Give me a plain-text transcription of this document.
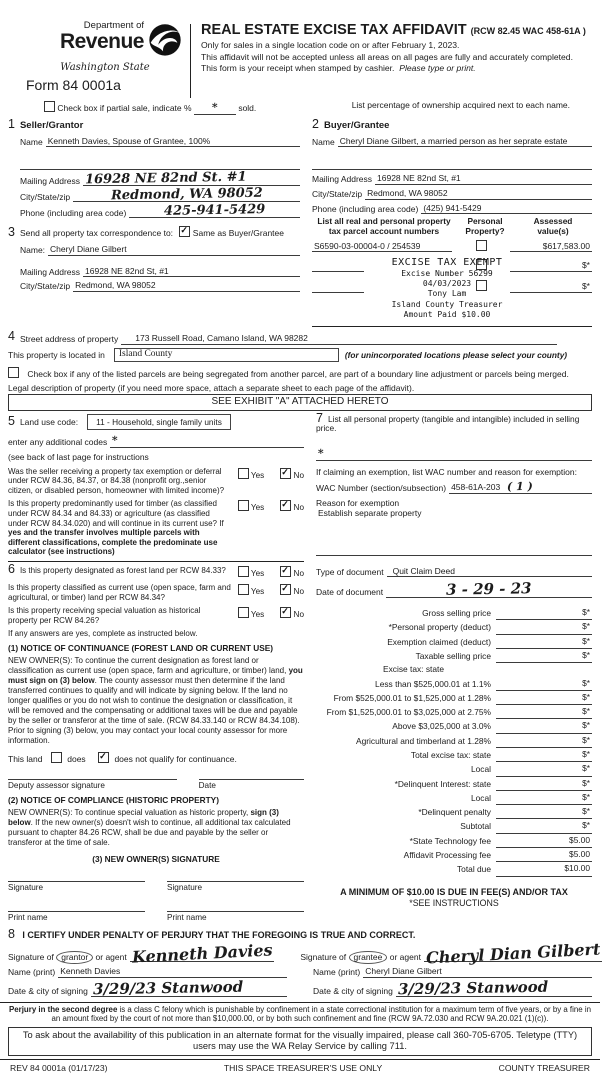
Department of
Revenue
Washington State
Form 84 0001a
REAL ESTATE EXCISE TAX AFFIDAVIT (RCW 82.45 WAC 458-61A )
Only for sales in a single location code on or after February 1, 2023.
This affidavit will not be accepted unless all areas on all pages are fully and accurately completed.
This form is your receipt when stamped by cashier. Please type or print.
Check box if partial sale, indicate % * sold.	List percentage of ownership acquired next to each name.
1 Seller/Grantor
Name Kenneth Davies, Spouse of Grantee, 100%
Mailing Address 16928 NE 82nd St. #1
City/State/zip	Redmond, WA 98052
Phone (including area code)	425-941-5429
3 Send all property tax correspondence to: ✓ Same as Buyer/Grantee
Name: Cheryl Diane Gilbert
Mailing Address 16928 NE 82nd St, #1
City/State/zip Redmond, WA 98052
2 Buyer/Grantee
Name Cheryl Diane Gilbert, a married person as her seprate estate
Mailing Address 16928 NE 82nd St, #1
City/State/zip Redmond, WA 98052
Phone (including area code) (425) 941-5429
List all real and personal property tax parcel account numbers
Personal
Property?
Assessed
value(s)
S6590-03-00004-0 / 254539	$617,583.00
$*
$*
EXCISE TAX EXEMPT
Excise Number 56299
04/03/2023
Tony Lam
Island County Treasurer
Amount Paid $10.00
4 Street address of property	173 Russell Road, Camano Island, WA 98282
This property is located in	Island County	(for unincorporated locations please select your county)
Check box if any of the listed parcels are being segregated from another parcel, are part of a boundary line adjustment or parcels being merged.
Legal description of property (if you need more space, attach a separate sheet to each page of the affidavit).
SEE EXHIBIT "A" ATTACHED HERETO
5 Land use code:	11 - Household, single family units
enter any additional codes *
(see back of last page for instructions
Was the seller receiving a property tax exemption or deferral under RCW 84.36, 84.37, or 84.38 (nonprofit org.,senior citizen, or disabled person, homeowner with limited income)?
Yes ✓	No
Is this property predominantly used for timber (as classified under RCW 84.34 and 84.33) or agriculture (as classified under RCW 84.34.020) and will continue in its current use? If yes and the transfer involves multiple parcels with different classifications, complete the predominate use calculator (see instructions)
Yes ✓	No
6 Is this property designated as forest land per RCW 84.33?	Yes ✓	No
Is this property classified as current use (open space, farm and agricultural, or timber) land per RCW 84.34?
Yes ✓	No
Is this property receiving special valuation as historical property per RCW 84.26?
Yes ✓	No
If any answers are yes, complete as instructed below.
(1) NOTICE OF CONTINUANCE (FOREST LAND OR CURRENT USE)
NEW OWNER(S): To continue the current designation as forest land or classification as current use (open space, farm and agriculture, or timber) land, you must sign on (3) below. The county assessor must then determine if the land transferred continues to qualify and will indicate by signing below. If the land no longer qualifies or you do not wish to continue the designation or classification, it will be removed and the compensating or additional taxes will be due and payable by the seller or transferor at the time of sale. (RCW 84.33.140 or RCW 84.34.108). Prior to signing (3) below, you may contact your local county assessor for more information.
This land	does ✓	does not qualify for continuance.
Deputy assessor signature	Date
(2) NOTICE OF COMPLIANCE (HISTORIC PROPERTY)
NEW OWNER(S): To continue special valuation as historic property, sign (3) below. If the new owner(s) doesn't wish to continue, all additional tax calculated pursuant to chapter 84.26 RCW, shall be due and payable by the seller or transferor at the time of sale.
(3) NEW OWNER(S) SIGNATURE
Signature	Signature
Print name	Print name
7 List all personal property (tangible and intangible) included in selling price.
*
If claiming an exemption, list WAC number and reason for exemption:
WAC Number (section/subsection) 458-61A-203 ( 1 )
Reason for exemption
Establish separate property
Type of document	Quit Claim Deed
Date of document	3 - 29 - 23
Gross selling price	$*
*Personal property (deduct)	$*
Exemption claimed (deduct)	$*
Taxable selling price	$*
Excise tax: state
Less than $525,000.01 at 1.1%	$*
From $525,000.01 to $1,525,000 at 1.28%	$*
From $1,525,000.01 to $3,025,000 at 2.75%	$*
Above $3,025,000 at 3.0%	$*
Agricultural and timberland at 1.28%	$*
Total excise tax: state	$*
Local	$*
*Delinquent Interest: state	$*
Local	$*
*Delinquent penalty	$*
Subtotal	$*
*State Technology fee	$5.00
Affidavit Processing fee	$5.00
Total due	$10.00
A MINIMUM OF $10.00 IS DUE IN FEE(S) AND/OR TAX
*SEE INSTRUCTIONS
8 I CERTIFY UNDER PENALTY OF PERJURY THAT THE FOREGOING IS TRUE AND CORRECT.
Signature of grantor or agent Kenneth Davies	Signature of grantee or agent Cheryl Dian Gilbert
Name (print) Kenneth Davies	Name (print) Cheryl Diane Gilbert
Date & city of signing 3/29/23 Stanwood	Date & city of signing 3/29/23 Stanwood
Perjury in the second degree is a class C felony which is punishable by confinement in a state correctional institution for a maximum term of five years, or by a fine in an amount fixed by the court of not more than $10,000.00, or by both such confinement and fine (RCW 9A.72.030 and RCW 9A.20.021 (1)(c)).
To ask about the availability of this publication in an alternate format for the visually impaired, please call 360-705-6705. Teletype (TTY) users may use the WA Relay Service by calling 711.
REV 84 0001a (01/17/23)	THIS SPACE TREASURER'S USE ONLY	COUNTY TREASURER
